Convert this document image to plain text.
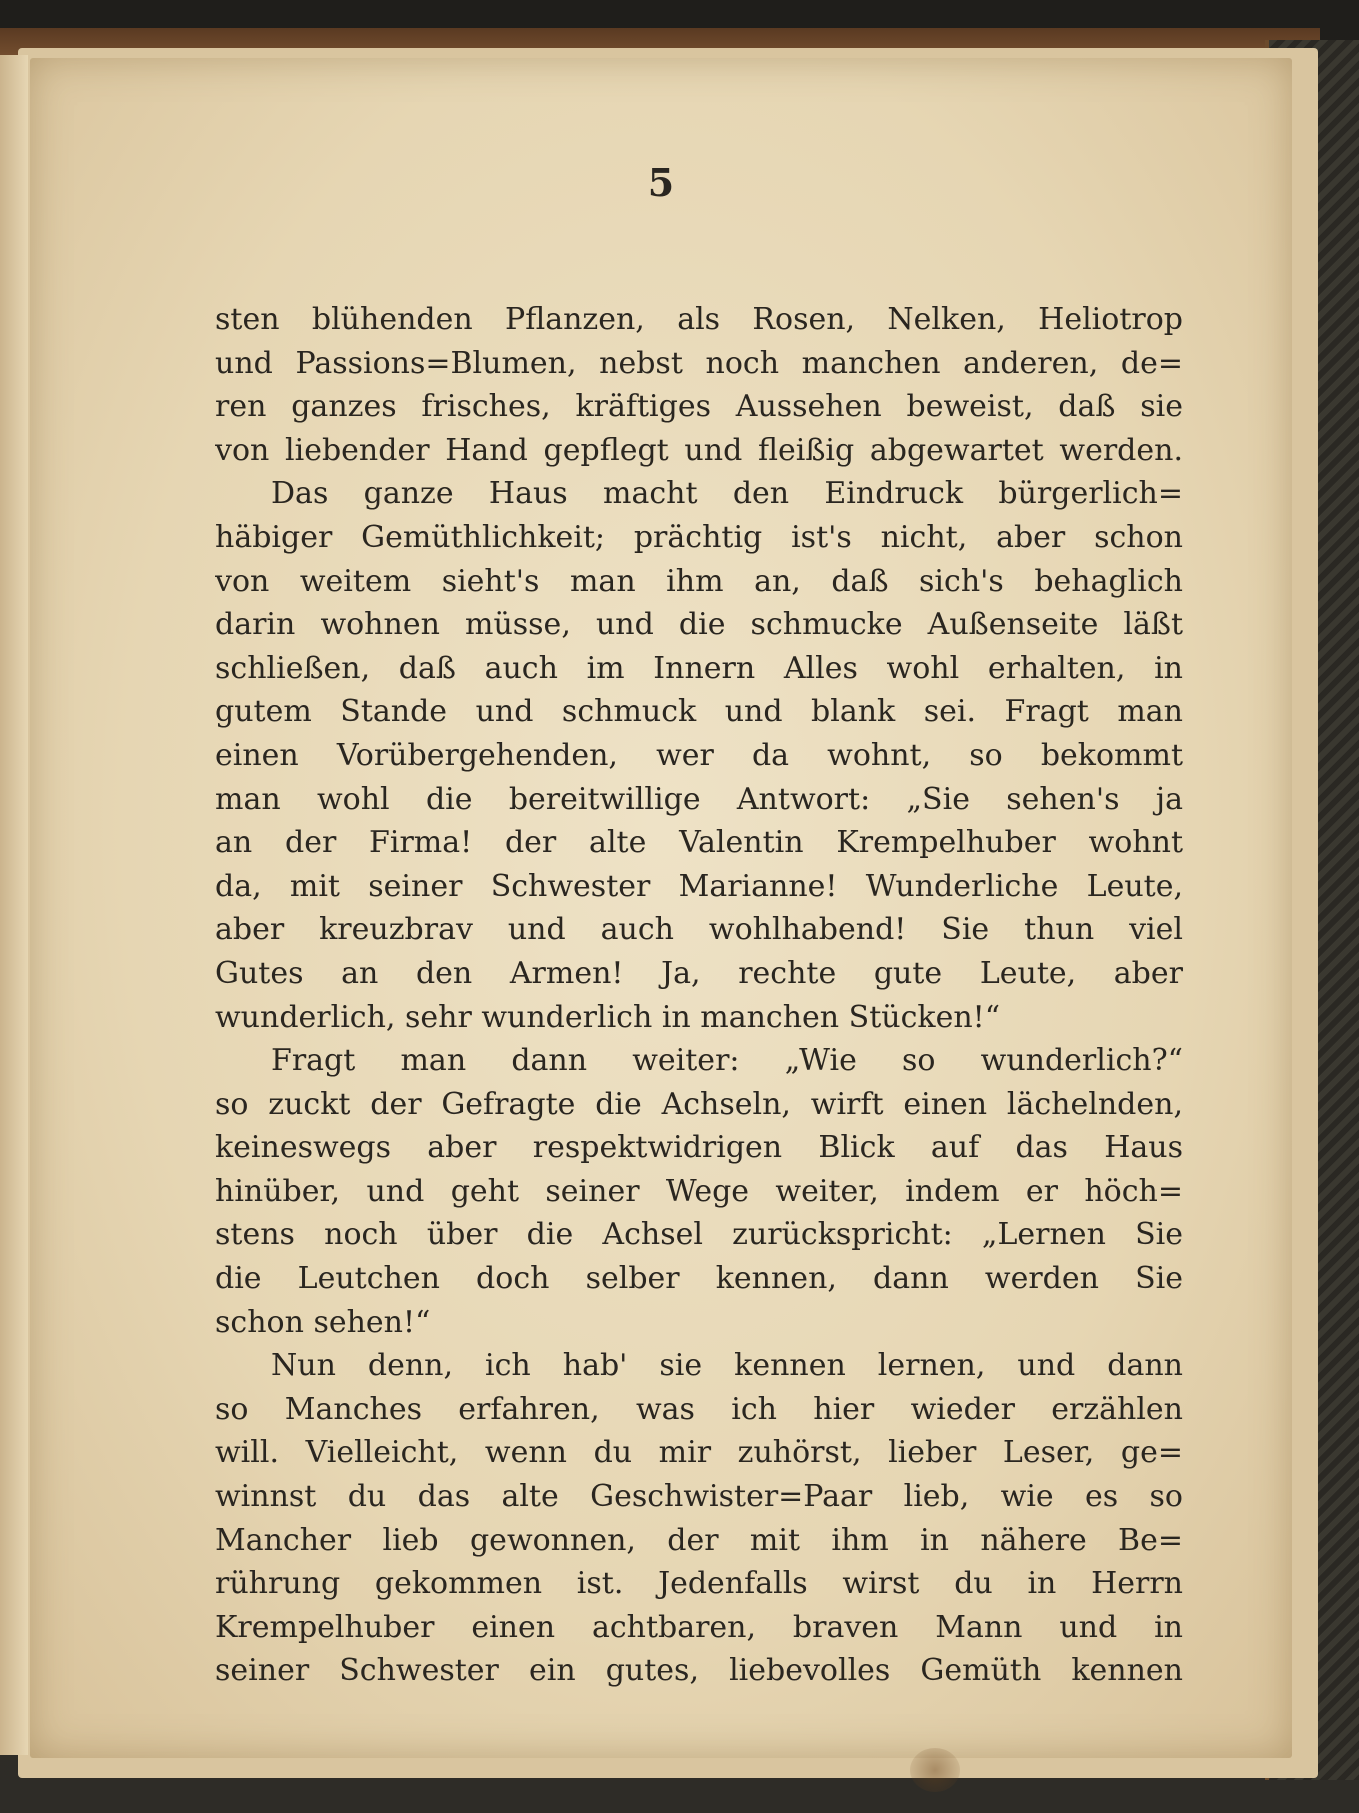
5
sten blühenden Pflanzen, als Rosen, Nelken, Heliotrop
und Passions=Blumen, nebst noch manchen anderen, de=
ren ganzes frisches, kräftiges Aussehen beweist, daß sie
von liebender Hand gepflegt und fleißig abgewartet werden.
Das ganze Haus macht den Eindruck bürgerlich=
häbiger Gemüthlichkeit; prächtig ist's nicht, aber schon
von weitem sieht's man ihm an, daß sich's behaglich
darin wohnen müsse, und die schmucke Außenseite läßt
schließen, daß auch im Innern Alles wohl erhalten, in
gutem Stande und schmuck und blank sei. Fragt man
einen Vorübergehenden, wer da wohnt, so bekommt
man wohl die bereitwillige Antwort: „Sie sehen's ja
an der Firma! der alte Valentin Krempelhuber wohnt
da, mit seiner Schwester Marianne! Wunderliche Leute,
aber kreuzbrav und auch wohlhabend! Sie thun viel
Gutes an den Armen! Ja, rechte gute Leute, aber
wunderlich, sehr wunderlich in manchen Stücken!“
Fragt man dann weiter: „Wie so wunderlich?“
so zuckt der Gefragte die Achseln, wirft einen lächelnden,
keineswegs aber respektwidrigen Blick auf das Haus
hinüber, und geht seiner Wege weiter, indem er höch=
stens noch über die Achsel zurückspricht: „Lernen Sie
die Leutchen doch selber kennen, dann werden Sie
schon sehen!“
Nun denn, ich hab' sie kennen lernen, und dann
so Manches erfahren, was ich hier wieder erzählen
will. Vielleicht, wenn du mir zuhörst, lieber Leser, ge=
winnst du das alte Geschwister=Paar lieb, wie es so
Mancher lieb gewonnen, der mit ihm in nähere Be=
rührung gekommen ist. Jedenfalls wirst du in Herrn
Krempelhuber einen achtbaren, braven Mann und in
seiner Schwester ein gutes, liebevolles Gemüth kennen
